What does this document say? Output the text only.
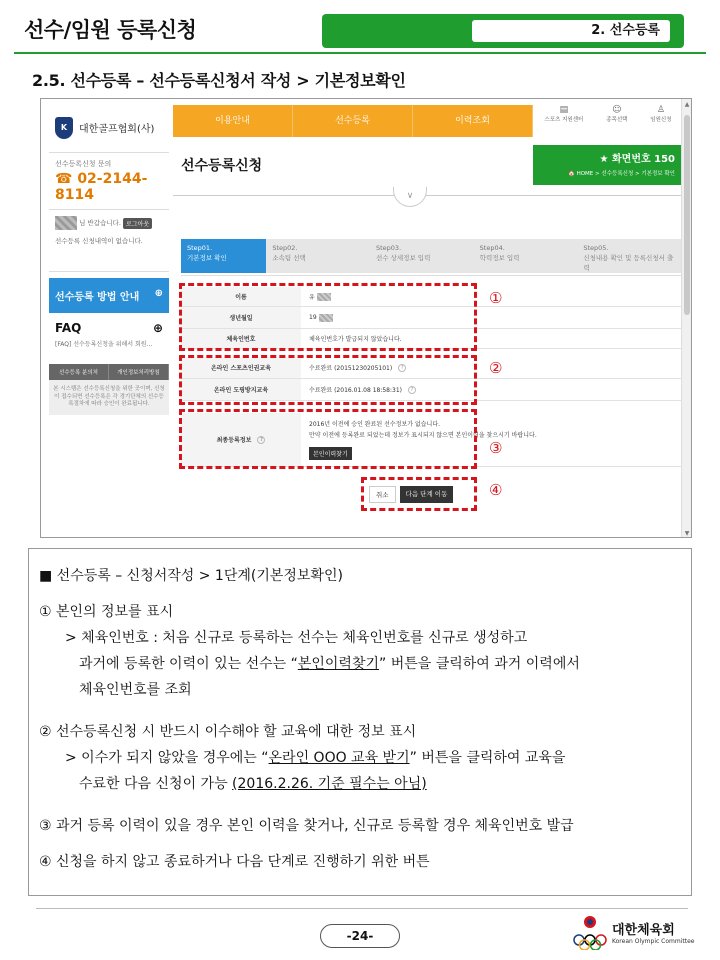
선수/임원 등록신청	2. 선수등록
2.5. 선수등록 – 선수등록신청서 작성 > 기본정보확인
K	대한골프협회(사)
선수등록신청 문의
☎ 02-2144-8114
님 반갑습니다. 로그아웃
선수등록 신청내역이 없습니다.
선수등록 방법 안내 ⊕
FAQ	⊕
[FAQ] 선수등록신청을 위해서 회원...
선수등록 분의처	개인정보처리방침
본 시스템은 선수등록신청을 위한 곳이며, 신청이 접수되면 선수등록은 각 경기단체의 선수등록절차에 따라 승인이 완료됩니다.
이용안내	선수등록	이력조회
▤
스포츠 지원센터
☺
종목선택
♙
임원신청
선수등록신청	★ 화면번호 150
🏠 HOME > 선수등록신청 > 기본정보 확인
∨
Step01.
기본정보 확인
Step02.
소속팀 선택
Step03.
선수 상세정보 입력
Step04.
학력정보 입력
Step05.
신청내용 확인 및 등록신청서 출력
이름	유
생년월일	19
체육인번호	체육인번호가 발급되지 않았습니다.
온라인 스포츠인권교육	수료완료 (20151230205101)	?
온라인 도핑방지교육	수료완료 (2016.01.08 18:58:31)	?
최종등록정보	?
2016년 이전에 승인 완료된 선수정보가 없습니다.
만약 이전에 등록완료 되었는데 정보가 표시되지 않으면 본인이력을 찾으시기 바랍니다.
본인이력찾기
취소	다음 단계 이동
①
②
③
④
▲
▼
■ 선수등록 – 신청서작성 > 1단계(기본정보확인)
① 본인의 정보를 표시
> 체육인번호 : 처음 신규로 등록하는 선수는 체육인번호를 신규로 생성하고
과거에 등록한 이력이 있는 선수는 “본인이력찾기” 버튼을 클릭하여 과거 이력에서
체육인번호를 조회
② 선수등록신청 시 반드시 이수해야 할 교육에 대한 정보 표시
> 이수가 되지 않았을 경우에는 “온라인 OOO 교육 받기” 버튼을 클릭하여 교육을
수료한 다음 신청이 가능 (2016.2.26. 기준 필수는 아님)
③ 과거 등록 이력이 있을 경우 본인 이력을 찾거나, 신규로 등록할 경우 체육인번호 발급
④ 신청을 하지 않고 종료하거나 다음 단계로 진행하기 위한 버튼
-24-	대한체육회
Korean Olympic Committee
